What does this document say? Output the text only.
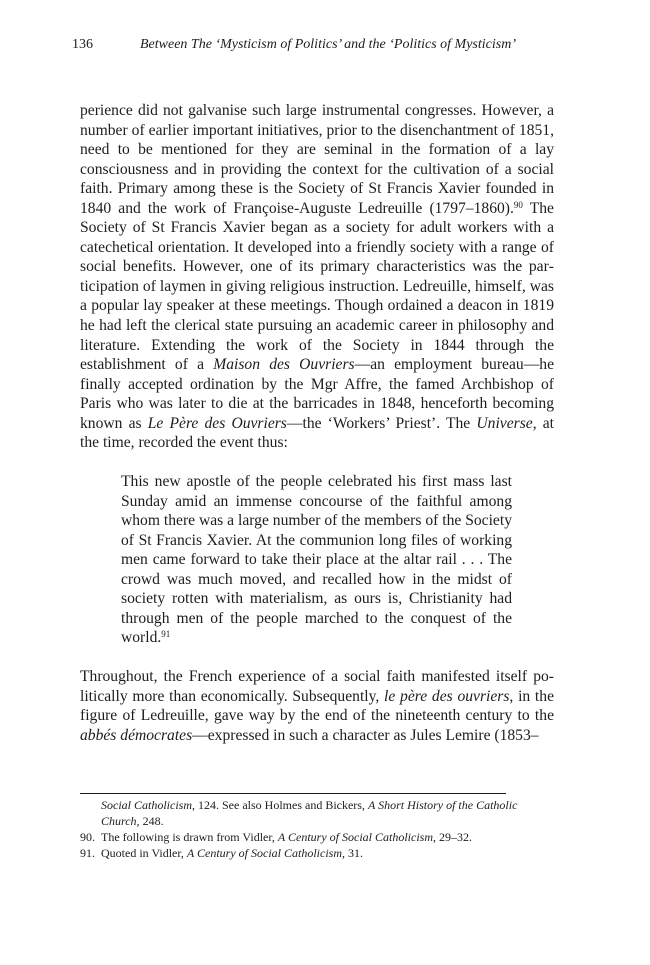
136	Between The ‘Mysticism of Politics’ and the ‘Politics of Mysticism’

perience did not galvanise such large instrumental congresses. However, a number of earlier important initiatives, prior to the disenchantment of 1851, need to be mentioned for they are seminal in the formation of a lay consciousness and in providing the context for the cultivation of a social faith. Primary among these is the Society of St Francis Xavier founded in 1840 and the work of Françoise-Auguste Ledreuille (1797–1860).$^{90}$ The Society of St Francis Xavier began as a society for adult workers with a catechetical orientation. It developed into a friendly society with a range of social benefits. However, one of its primary characteristics was the participation of laymen in giving religious instruction. Ledreuille, himself, was a popular lay speaker at these meetings. Though ordained a deacon in 1819 he had left the clerical state pursuing an academic career in philosophy and literature. Extending the work of the Society in 1844 through the establishment of a Maison des Ouvriers—an employment bureau—he finally accepted ordination by the Mgr Affre, the famed Archbishop of Paris who was later to die at the barricades in 1848, henceforth becoming known as Le Père des Ouvriers—the ‘Workers’ Priest’. The Universe, at the time, recorded the event thus:

This new apostle of the people celebrated his first mass last Sunday amid an immense concourse of the faithful among whom there was a large number of the members of the Society of St Francis Xavier. At the communion long files of working men came forward to take their place at the altar rail . . . The crowd was much moved, and recalled how in the midst of society rotten with materialism, as ours is, Christianity had through men of the people marched to the conquest of the world.$^{91}$
Throughout, the French experience of a social faith manifested itself politically more than economically. Subsequently, le père des ouvriers, in the figure of Ledreuille, gave way by the end of the nineteenth century to the abbés démocrates—expressed in such a character as Jules Lemire (1853–
Social Catholicism, 124. See also Holmes and Bickers, A Short History of the Catholic Church, 248.
90. The following is drawn from Vidler, A Century of Social Catholicism, 29–32.
91. Quoted in Vidler, A Century of Social Catholicism, 31.
